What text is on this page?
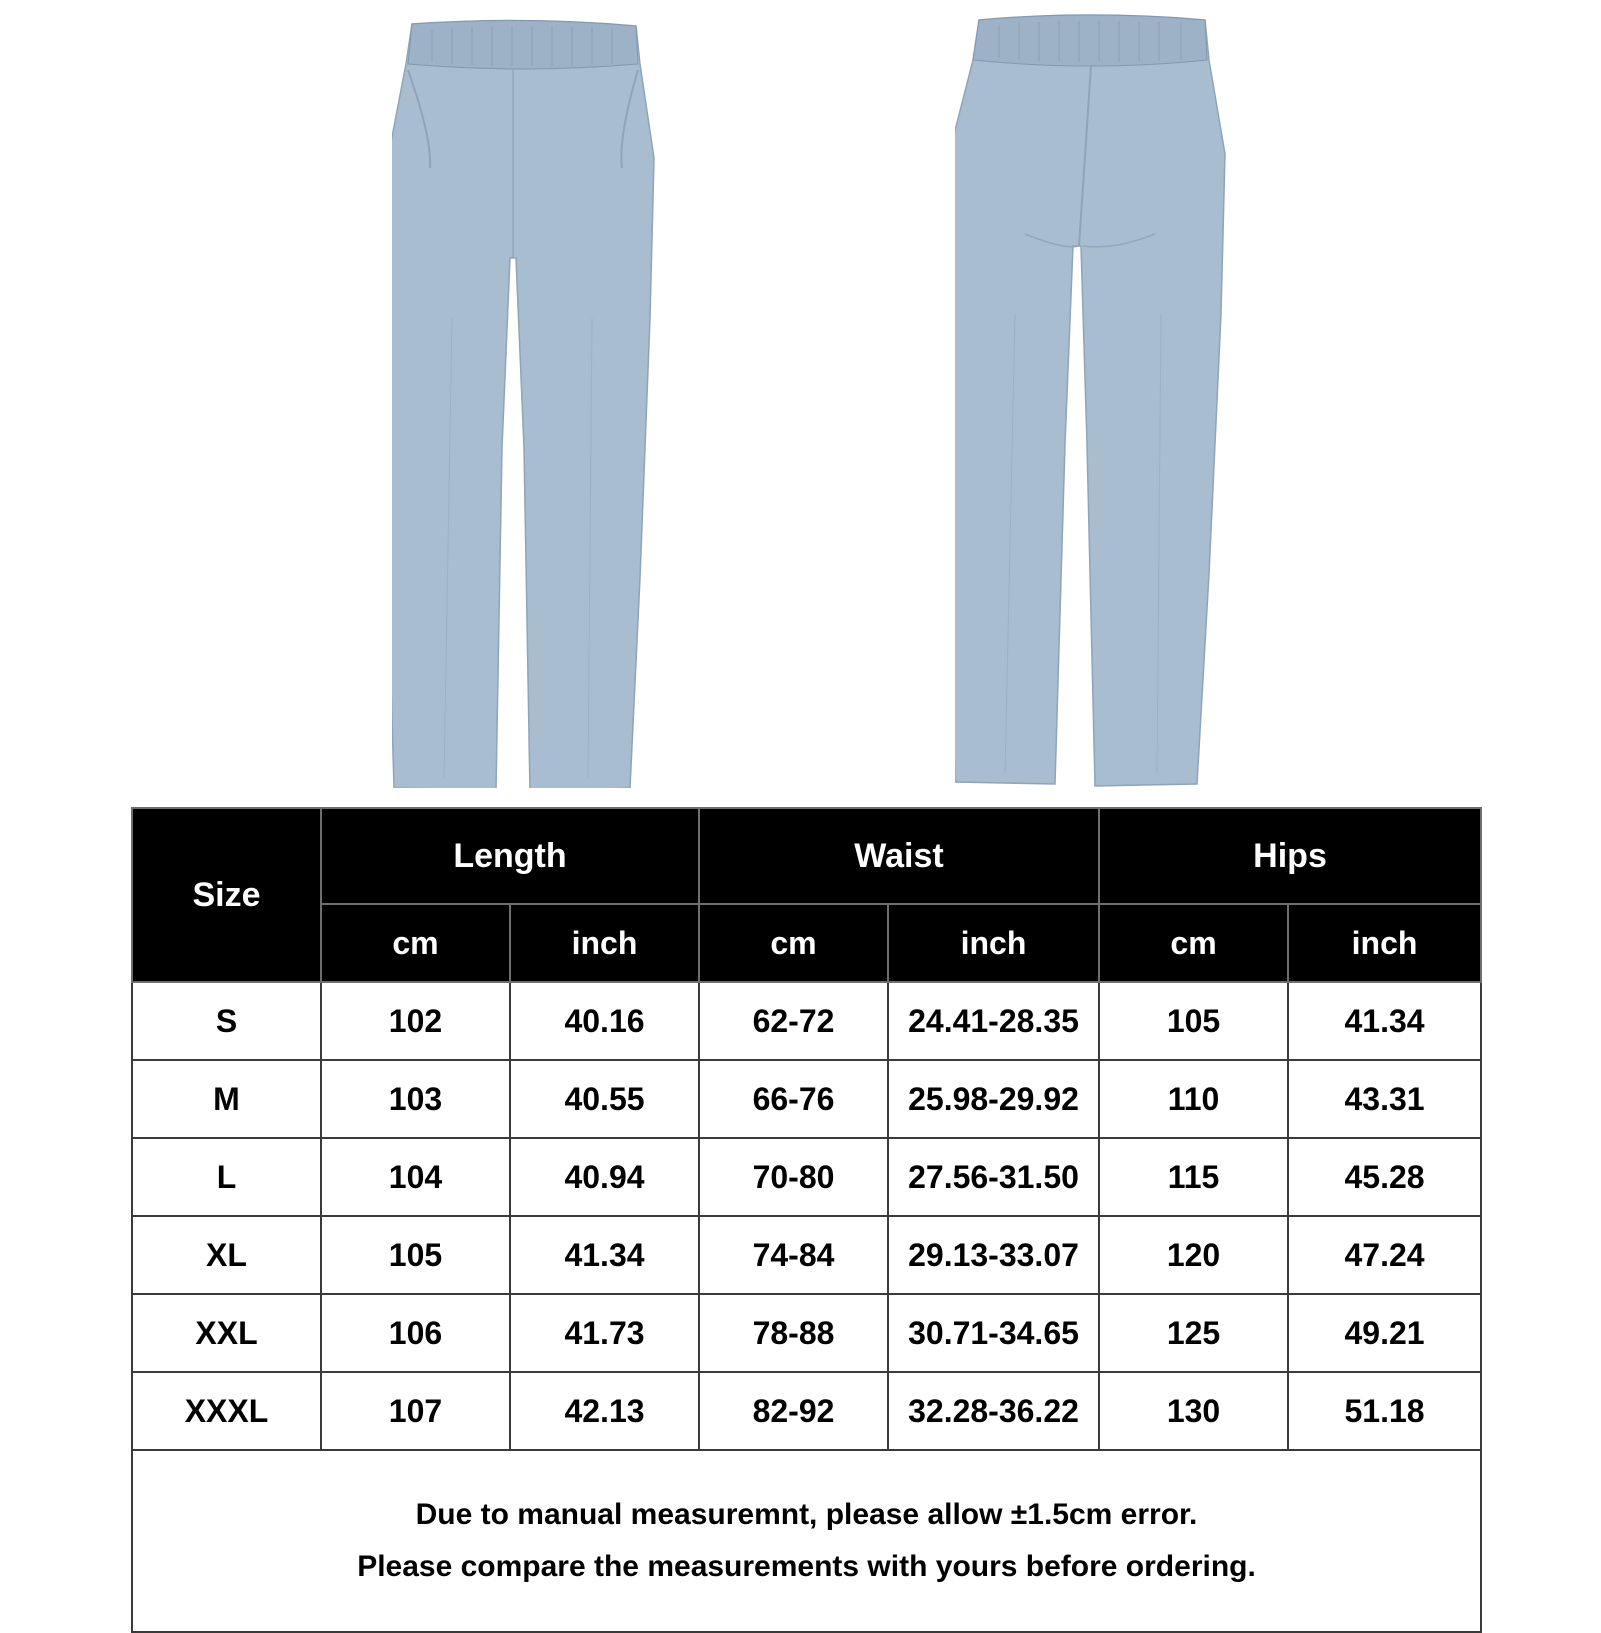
Size	Length		Waist		Hips	
	cm	inch	cm	inch	cm	inch
S	102	40.16	62-72	24.41-28.35	105	41.34
M	103	40.55	66-76	25.98-29.92	110	43.31
L	104	40.94	70-80	27.56-31.50	115	45.28
XL	105	41.34	74-84	29.13-33.07	120	47.24
XXL	106	41.73	78-88	30.71-34.65	125	49.21
XXXL	107	42.13	82-92	32.28-36.22	130	51.18

Due to manual measuremnt, please allow ±1.5cm error.
Please compare the measurements with yours before ordering.						
